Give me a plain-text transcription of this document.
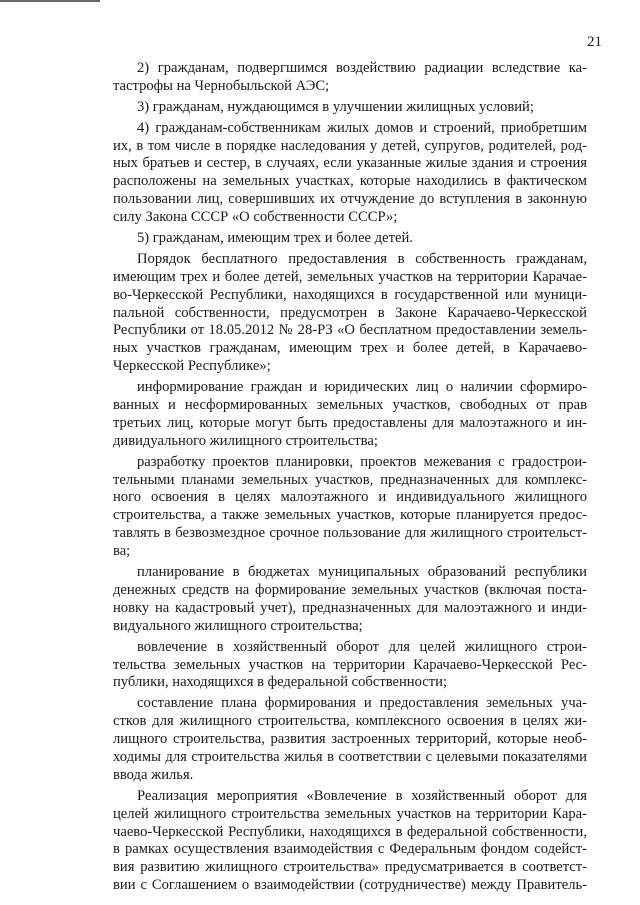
21
2) гражданам, подвергшимся воздействию радиации вследствие ка-
тастрофы на Чернобыльской АЭС;
3) гражданам, нуждающимся в улучшении жилищных условий;
4) гражданам-собственникам жилых домов и строений, приобретшим
их, в том числе в порядке наследования у детей, супругов, родителей, род-
ных братьев и сестер, в случаях, если указанные жилые здания и строения
расположены на земельных участках, которые находились в фактическом
пользовании лиц, совершивших их отчуждение до вступления в законную
силу Закона СССР «О собственности СССР»;
5) гражданам, имеющим трех и более детей.
Порядок бесплатного предоставления в собственность гражданам,
имеющим трех и более детей, земельных участков на территории Карачае-
во-Черкесской Республики, находящихся в государственной или муници-
пальной собственности, предусмотрен в Законе Карачаево-Черкесской
Республики от 18.05.2012 № 28-РЗ «О бесплатном предоставлении земель-
ных участков гражданам, имеющим трех и более детей, в Карачаево-
Черкесской Республике»;
информирование граждан и юридических лиц о наличии сформиро-
ванных и несформированных земельных участков, свободных от прав
третьих лиц, которые могут быть предоставлены для малоэтажного и ин-
дивидуального жилищного строительства;
разработку проектов планировки, проектов межевания с градострои-
тельными планами земельных участков, предназначенных для комплекс-
ного освоения в целях малоэтажного и индивидуального жилищного
строительства, а также земельных участков, которые планируется предос-
тавлять в безвозмездное срочное пользование для жилищного строительст-
ва;
планирование в бюджетах муниципальных образований республики
денежных средств на формирование земельных участков (включая поста-
новку на кадастровый учет), предназначенных для малоэтажного и инди-
видуального жилищного строительства;
вовлечение в хозяйственный оборот для целей жилищного строи-
тельства земельных участков на территории Карачаево-Черкесской Рес-
публики, находящихся в федеральной собственности;
составление плана формирования и предоставления земельных уча-
стков для жилищного строительства, комплексного освоения в целях жи-
лищного строительства, развития застроенных территорий, которые необ-
ходимы для строительства жилья в соответствии с целевыми показателями
ввода жилья.
Реализация мероприятия «Вовлечение в хозяйственный оборот для
целей жилищного строительства земельных участков на территории Кара-
чаево-Черкесской Республики, находящихся в федеральной собственности,
в рамках осуществления взаимодействия с Федеральным фондом содейст-
вия развитию жилищного строительства» предусматривается в соответст-
вии с Соглашением о взаимодействии (сотрудничестве) между Правитель-
